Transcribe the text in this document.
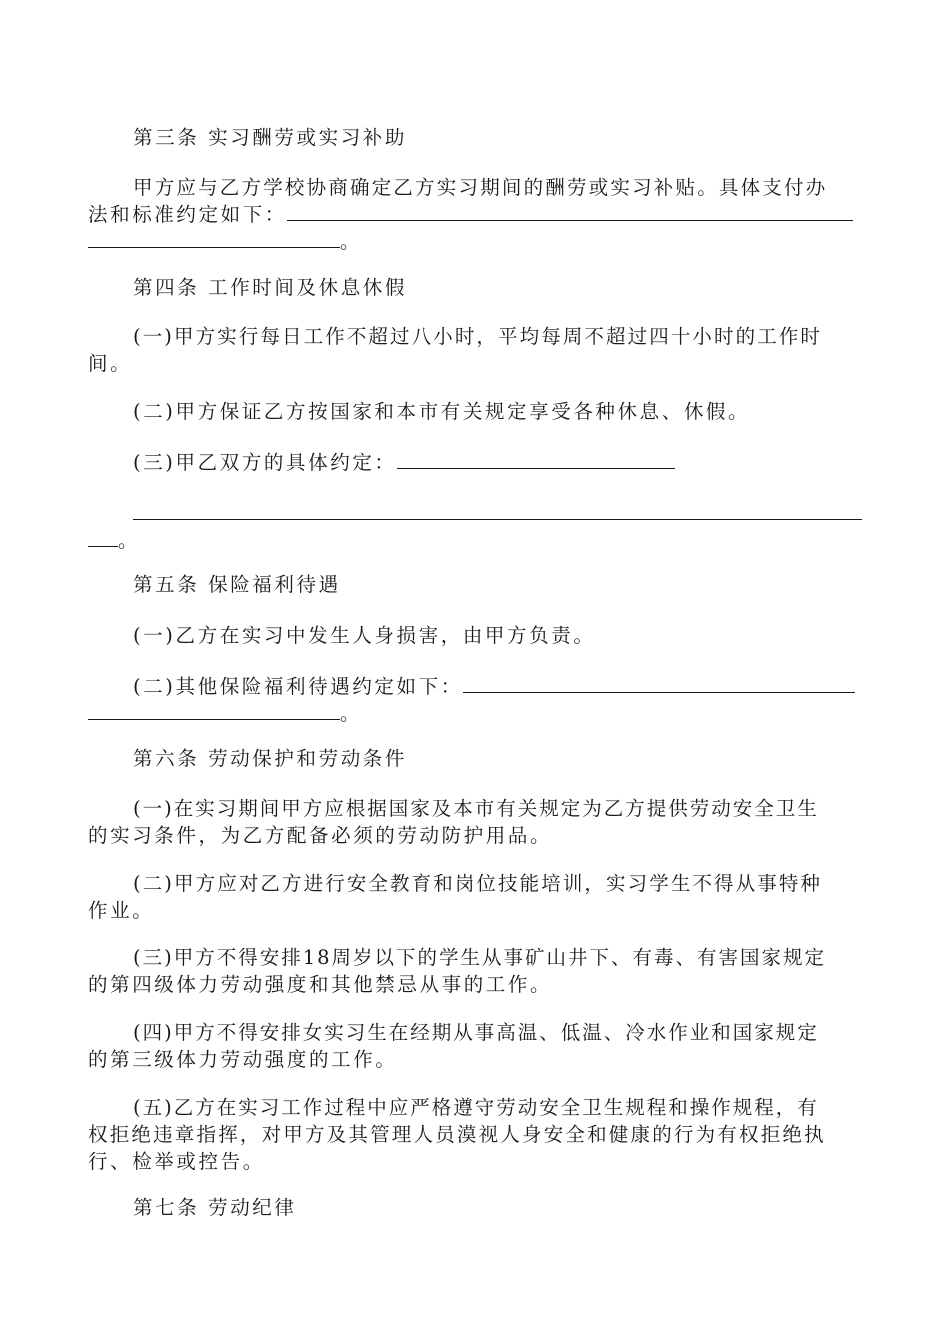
第三条 实习酬劳或实习补助
甲方应与乙方学校协商确定乙方实习期间的酬劳或实习补贴。具体支付办
法和标准约定如下：
。
第四条 工作时间及休息休假
(一)甲方实行每日工作不超过八小时，平均每周不超过四十小时的工作时
间。
(二)甲方保证乙方按国家和本市有关规定享受各种休息、休假。
(三)甲乙双方的具体约定：
。
第五条 保险福利待遇
(一)乙方在实习中发生人身损害，由甲方负责。
(二)其他保险福利待遇约定如下：
。
第六条 劳动保护和劳动条件
(一)在实习期间甲方应根据国家及本市有关规定为乙方提供劳动安全卫生
的实习条件，为乙方配备必须的劳动防护用品。
(二)甲方应对乙方进行安全教育和岗位技能培训，实习学生不得从事特种
作业。
(三)甲方不得安排18周岁以下的学生从事矿山井下、有毒、有害国家规定
的第四级体力劳动强度和其他禁忌从事的工作。
(四)甲方不得安排女实习生在经期从事高温、低温、冷水作业和国家规定
的第三级体力劳动强度的工作。
(五)乙方在实习工作过程中应严格遵守劳动安全卫生规程和操作规程，有
权拒绝违章指挥，对甲方及其管理人员漠视人身安全和健康的行为有权拒绝执
行、检举或控告。
第七条 劳动纪律
